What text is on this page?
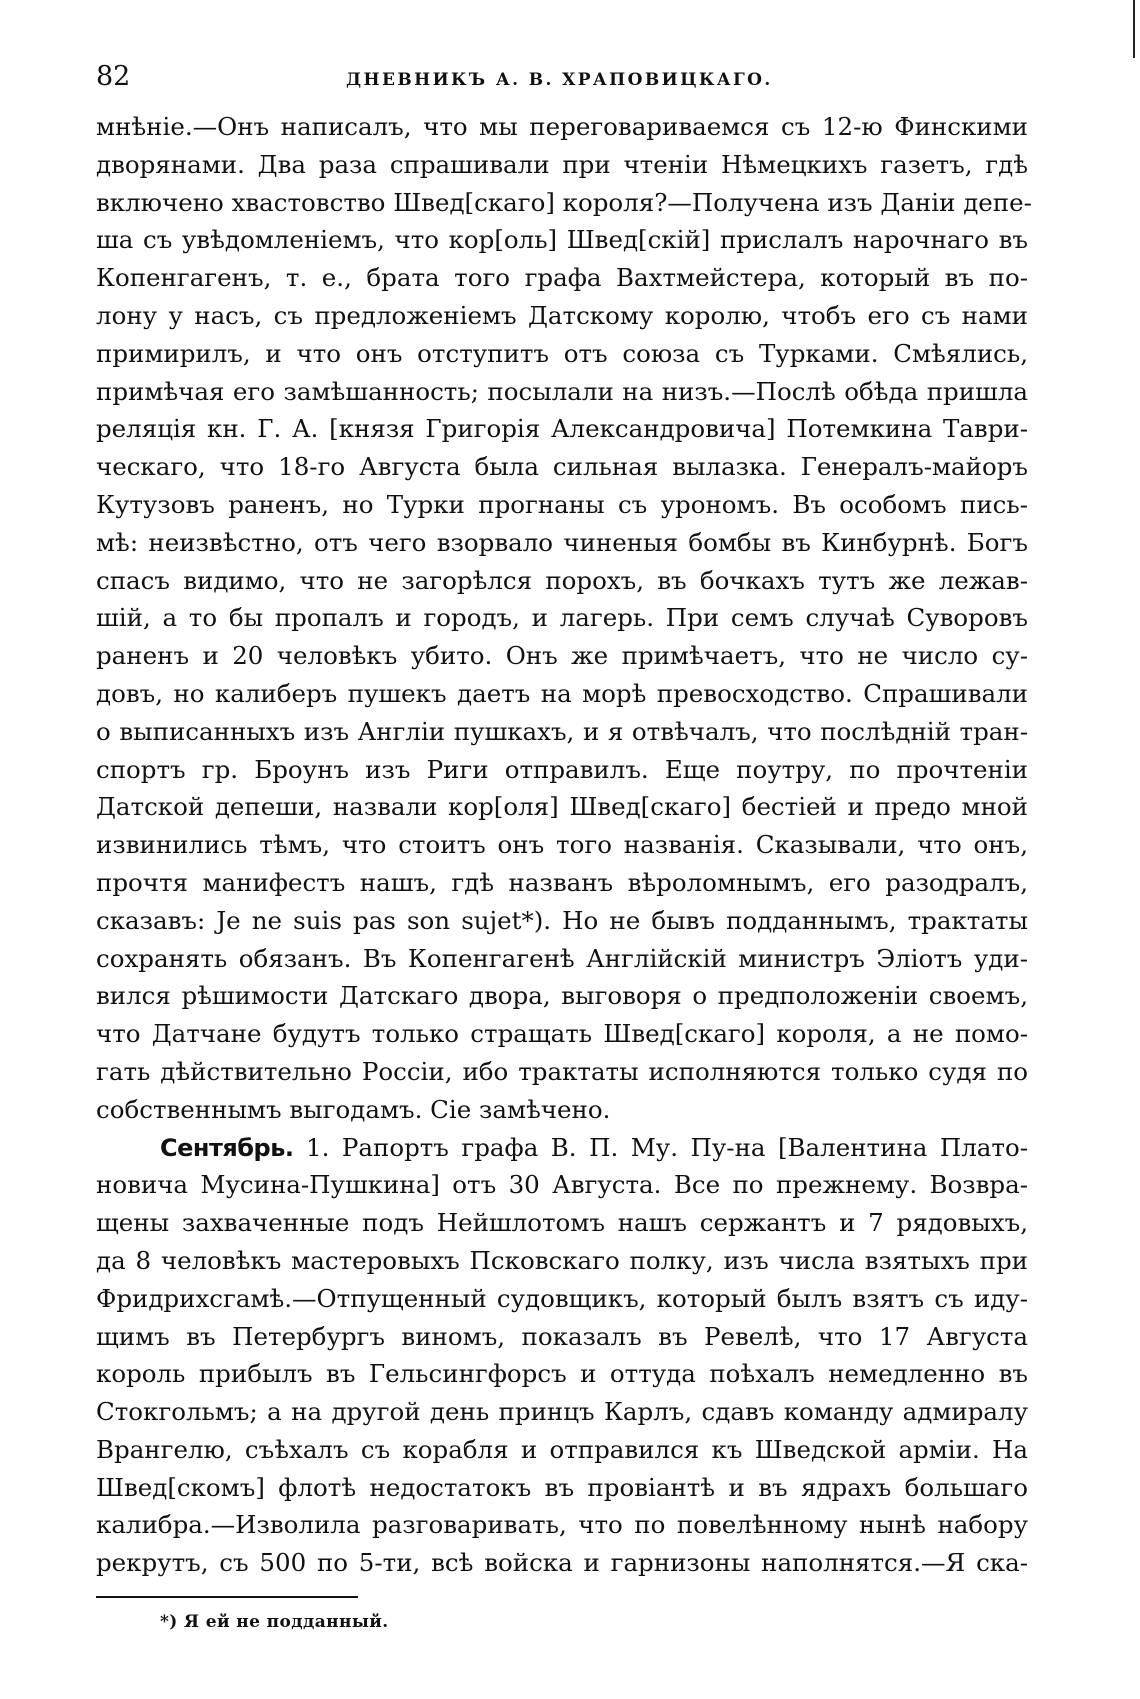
82	ДНЕВНИКЪ А. В. ХРАПОВИЦКАГО.
мнѣніе.—Онъ написалъ, что мы переговариваемся съ 12-ю Финскими
дворянами. Два раза спрашивали при чтеніи Нѣмецкихъ газетъ, гдѣ
включено хвастовство Швед[скаго] короля?—Получена изъ Даніи депе-
ша съ увѣдомленіемъ, что кор[оль] Швед[скій] прислалъ нарочнаго въ
Копенгагенъ, т. е., брата того графа Вахтмейстера, который въ по-
лону у насъ, съ предложеніемъ Датскому королю, чтобъ его съ нами
примирилъ, и что онъ отступитъ отъ союза съ Турками. Смѣялись,
примѣчая его замѣшанность; посылали на низъ.—Послѣ обѣда пришла
реляція кн. Г. А. [князя Григорія Александровича] Потемкина Таври-
ческаго, что 18-го Августа была сильная вылазка. Генералъ-майоръ
Кутузовъ раненъ, но Турки прогнаны съ урономъ. Въ особомъ пись-
мѣ: неизвѣстно, отъ чего взорвало чиненыя бомбы въ Кинбурнѣ. Богъ
спасъ видимо, что не загорѣлся порохъ, въ бочкахъ тутъ же лежав-
шій, а то бы пропалъ и городъ, и лагерь. При семъ случаѣ Суворовъ
раненъ и 20 человѣкъ убито. Онъ же примѣчаетъ, что не число су-
довъ, но калиберъ пушекъ даетъ на морѣ превосходство. Спрашивали
о выписанныхъ изъ Англіи пушкахъ, и я отвѣчалъ, что послѣдній тран-
спортъ гр. Броунъ изъ Риги отправилъ. Еще поутру, по прочтеніи
Датской депеши, назвали кор[оля] Швед[скаго] бестіей и предо мной
извинились тѣмъ, что стоитъ онъ того названія. Сказывали, что онъ,
прочтя манифестъ нашъ, гдѣ названъ вѣроломнымъ, его разодралъ,
сказавъ: Je ne suis pas son sujet*). Но не бывъ подданнымъ, трактаты
сохранять обязанъ. Въ Копенгагенѣ Англійскій министръ Эліотъ уди-
вился рѣшимости Датскаго двора, выговоря о предположеніи своемъ,
что Датчане будутъ только стращать Швед[скаго] короля, а не помо-
гать дѣйствительно Россіи, ибо трактаты исполняются только судя по
собственнымъ выгодамъ. Сіе замѣчено.
Сентябрь. 1. Рапортъ графа В. П. Му. Пу-на [Валентина Плато-
новича Мусина-Пушкина] отъ 30 Августа. Все по прежнему. Возвра-
щены захваченные подъ Нейшлотомъ нашъ сержантъ и 7 рядовыхъ,
да 8 человѣкъ мастеровыхъ Псковскаго полку, изъ числа взятыхъ при
Фридрихсгамѣ.—Отпущенный судовщикъ, который былъ взятъ съ иду-
щимъ въ Петербургъ виномъ, показалъ въ Ревелѣ, что 17 Августа
король прибылъ въ Гельсингфорсъ и оттуда поѣхалъ немедленно въ
Стокгольмъ; а на другой день принцъ Карлъ, сдавъ команду адмиралу
Врангелю, съѣхалъ съ корабля и отправился къ Шведской арміи. На
Швед[скомъ] флотѣ недостатокъ въ провіантѣ и въ ядрахъ большаго
калибра.—Изволила разговаривать, что по повелѣнному нынѣ набору
рекрутъ, съ 500 по 5-ти, всѣ войска и гарнизоны наполнятся.—Я ска-
*) Я ей не подданный.
